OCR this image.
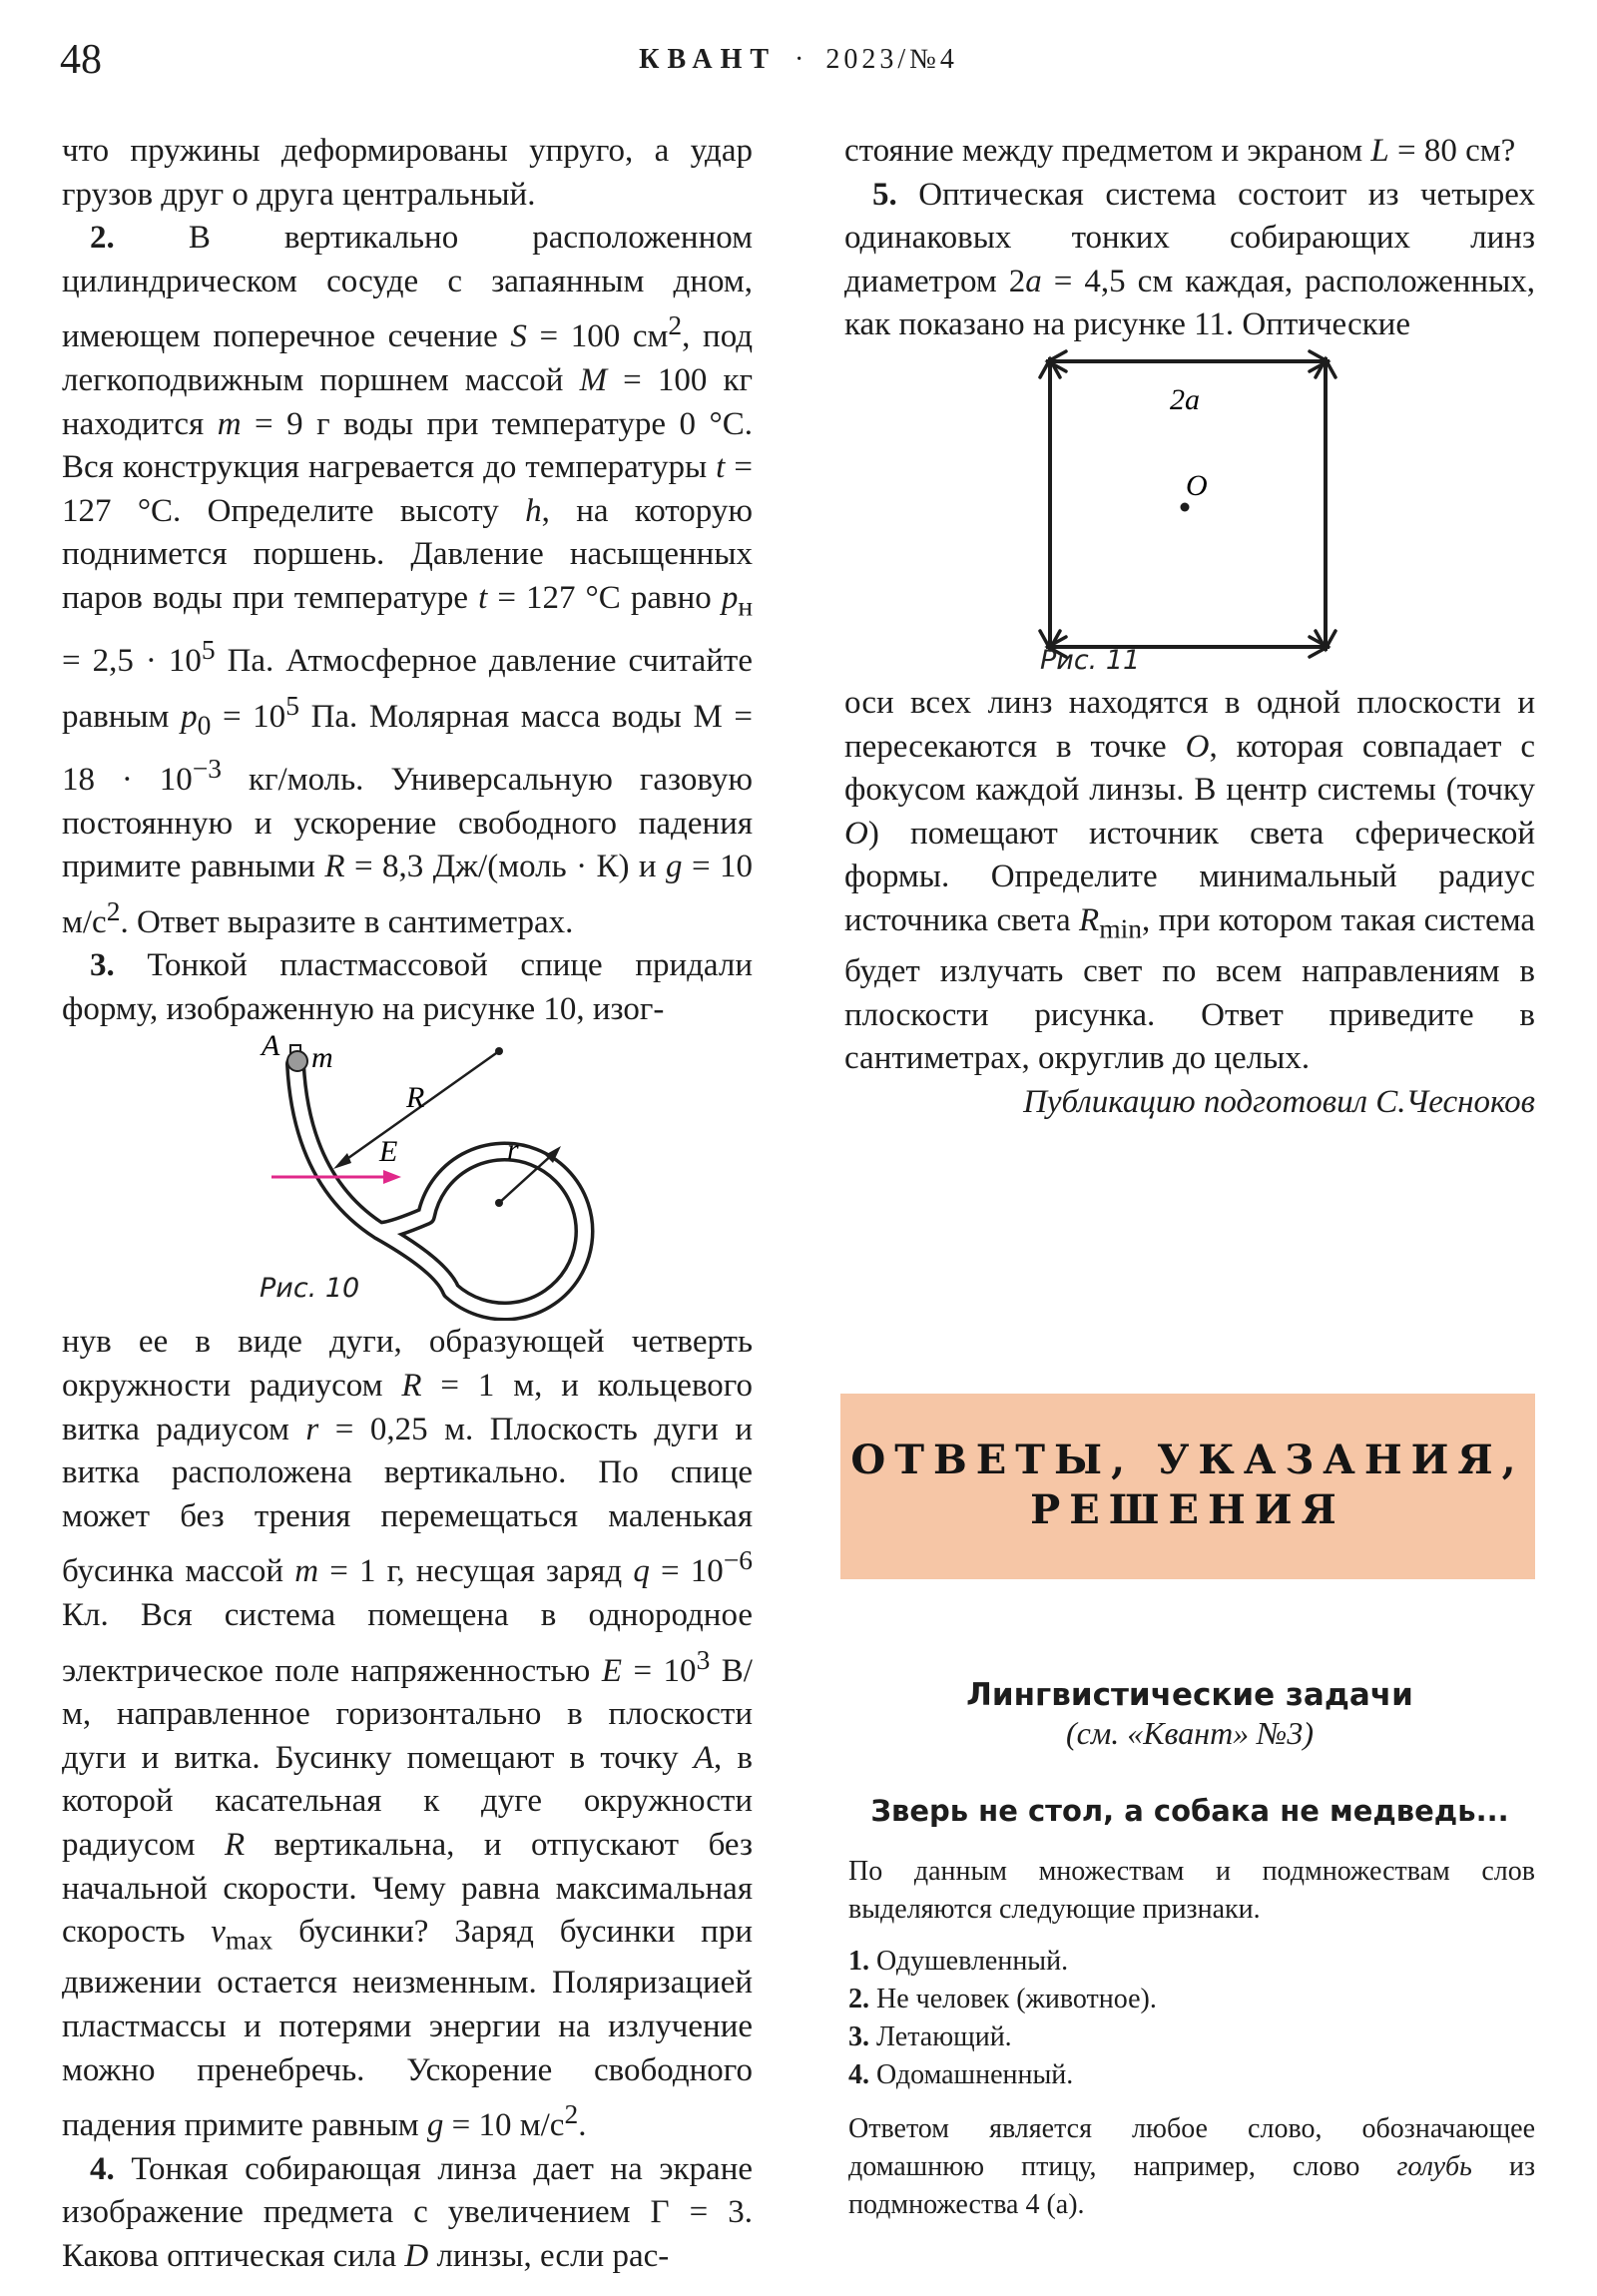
48	КВАНТ · 2023/№4

что пружины деформированы упруго, а удар грузов друг о друга центральный.

2. В вертикально расположенном цилиндрическом сосуде с запаянным дном, имеющем поперечное сечение S = 100 $см^2$, под легкоподвижным поршнем массой M = 100 кг находится m = 9 г воды при температуре 0 °С. Вся конструкция нагревается до температуры t = 127 °С. Определите высоту h, на которую поднимется поршень. Давление насыщенных паров воды при температуре t = 127 °С равно $p_н = 2,5 \cdot 10^5$ Па. Атмосферное давление считайте равным $p_0 = 10^5$ Па. Молярная масса воды $М = 18 \cdot 10^{-3}$ кг/моль. Универсальную газовую постоянную и ускорение свободного падения примите равными R = 8,3 Дж/(моль · К) и g = 10 $м/с^2$. Ответ выразите в сантиметрах.

3. Тонкой пластмассовой спице придали форму, изображенную на рисунке 10, изог-

A m
R
E	r
Рис. 10

нув ее в виде дуги, образующей четверть окружности радиусом R = 1 м, и кольцевого витка радиусом r = 0,25 м. Плоскость дуги и витка расположена вертикально. По спице может без трения перемещаться маленькая бусинка массой m = 1 г, несущая заряд $q = 10^{-6}$ Кл. Вся система помещена в однородное электрическое поле напряженностью $E = 10^3$ В/м, направленное горизонтально в плоскости дуги и витка. Бусинку помещают в точку A, в которой касательная к дуге окружности радиусом R вертикальна, и отпускают без начальной скорости. Чему равна максимальная скорость $v_{max}$ бусинки? Заряд бусинки при движении остается неизменным. Поляризацией пластмассы и потерями энергии на излучение можно пренебречь. Ускорение свободного падения примите равным g = 10 $м/с^2$.

4. Тонкая собирающая линза дает на экране изображение предмета с увеличением Γ = 3. Какова оптическая сила D линзы, если рас-

стояние между предметом и экраном L = 80 см?

5. Оптическая система состоит из четырех одинаковых тонких собирающих линз диаметром 2a = 4,5 см каждая, расположенных, как показано на рисунке 11. Оптические

2a
O
Рис. 11

оси всех линз находятся в одной плоскости и пересекаются в точке O, которая совпадает с фокусом каждой линзы. В центр системы (точку O) помещают источник света сферической формы. Определите минимальный радиус источника света $R_{min}$, при котором такая система будет излучать свет по всем направлениям в плоскости рисунка. Ответ приведите в сантиметрах, округлив до целых.

Публикацию подготовил С.Чесноков

ОТВЕТЫ, УКАЗАНИЯ,
РЕШЕНИЯ
Лингвистические задачи
(см. «Квант» №3)
Зверь не стол, а собака не медведь...

По данным множествам и подмножествам слов выделяются следующие признаки.

1. Одушевленный.
2. Не человек (животное).
3. Летающий.
4. Одомашненный.

Ответом является любое слово, обозначающее домашнюю птицу, например, слово голубь из подмножества 4 (а).
